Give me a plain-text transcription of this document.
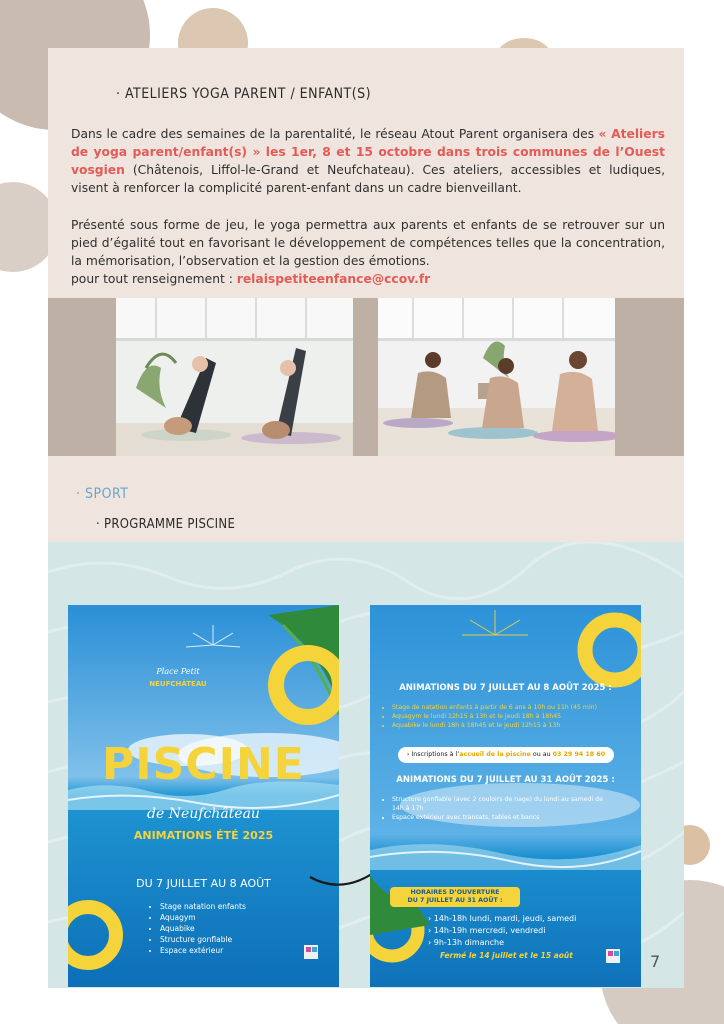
· ATELIERS YOGA PARENT / ENFANT(S)

Dans le cadre des semaines de la parentalité, le réseau Atout Parent organisera des « Ateliers de yoga parent/enfant(s) » les 1er, 8 et 15 octobre dans trois communes de l’Ouest vosgien (Châtenois, Liffol-le-Grand et Neufchateau). Ces ateliers, accessibles et ludiques, visent à renforcer la complicité parent-enfant dans un cadre bienveillant.

Présenté sous forme de jeu, le yoga permettra aux parents et enfants de se retrouver sur un pied d’égalité tout en favorisant le développement de compétences telles que la concentration, la mémorisation, l’observation et la gestion des émotions.
pour tout renseignement : relaispetiteenfance@ccov.fr

· SPORT
· PROGRAMME PISCINE
Place Petit
NEUFCHÂTEAU
PISCINE
de Neufchâteau
ANIMATIONS ÉTÉ 2025
DU 7 JUILLET AU 8 AOÛT
• Stage natation enfants
• Aquagym
• Aquabike
• Structure gonflable
• Espace extérieur
ANIMATIONS DU 7 JUILLET AU 8 AOÛT 2025 :
• Stage de natation enfants à partir de 6 ans à 10h ou 11h (45 min)
• Aquagym le lundi 12h15 à 13h et le jeudi 18h à 18h45
• Aquabike le lundi 18h à 18h45 et le jeudi 12h15 à 13h
› Inscriptions à l’accueil de la piscine ou au 03 29 94 18 60
ANIMATIONS DU 7 JUILLET AU 31 AOÛT 2025 :
• Structure gonflable (avec 2 couloirs de nage) du lundi au samedi de 14h à 17h
• Espace extérieur avec transats, tables et bancs
HORAIRES D’OUVERTURE
DU 7 JUILLET AU 31 AOÛT :
› 14h-18h lundi, mardi, jeudi, samedi
› 14h-19h mercredi, vendredi
› 9h-13h dimanche
Fermé le 14 juillet et le 15 août	7
